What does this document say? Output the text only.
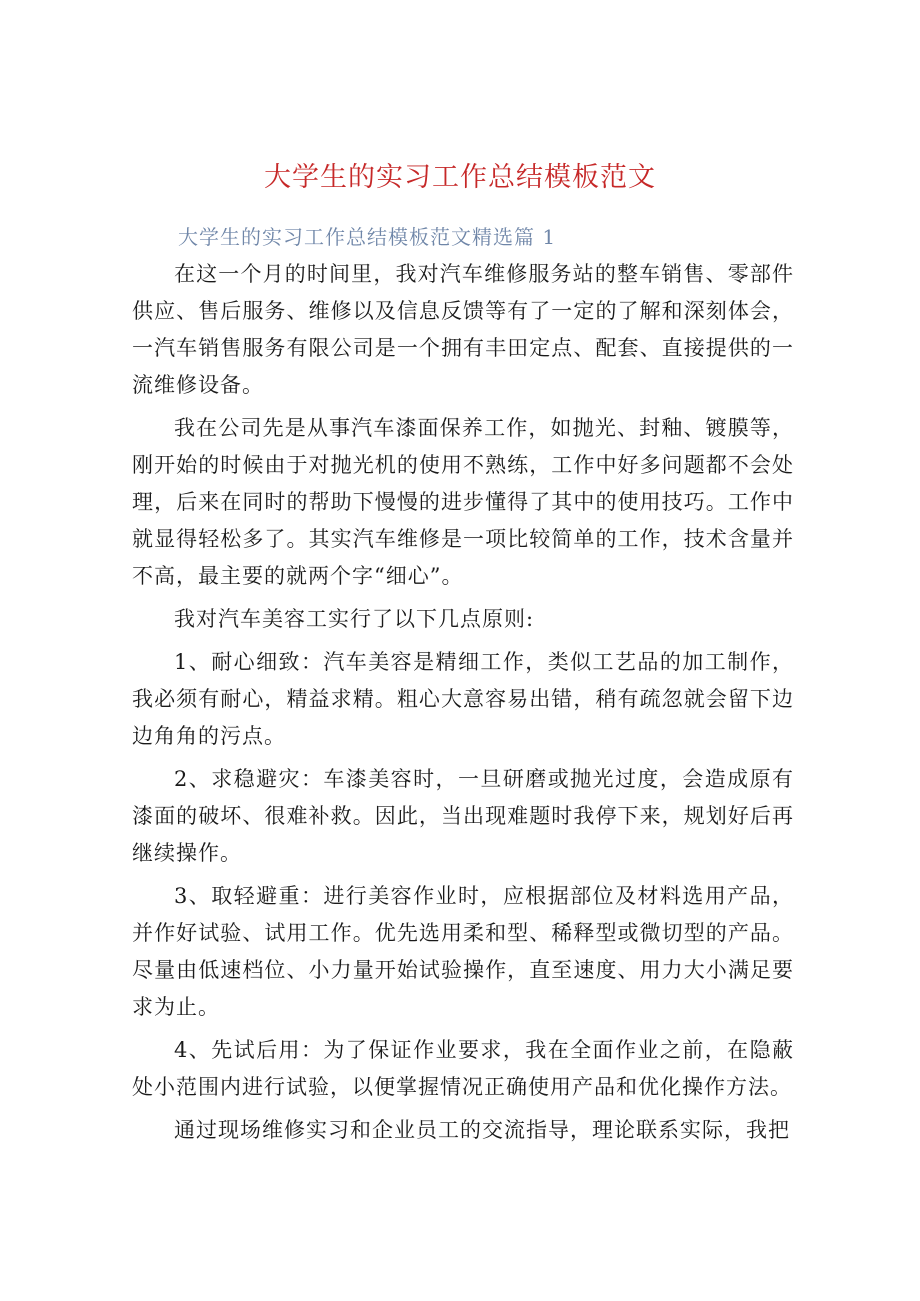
大学生的实习工作总结模板范文
大学生的实习工作总结模板范文精选篇 1

在这一个月的时间里，我对汽车维修服务站的整车销售、零部件供应、售后服务、维修以及信息反馈等有了一定的了解和深刻体会，一汽车销售服务有限公司是一个拥有丰田定点、配套、直接提供的一流维修设备。

我在公司先是从事汽车漆面保养工作，如抛光、封釉、镀膜等，刚开始的时候由于对抛光机的使用不熟练，工作中好多问题都不会处理，后来在同时的帮助下慢慢的进步懂得了其中的使用技巧。工作中就显得轻松多了。其实汽车维修是一项比较简单的工作，技术含量并不高，最主要的就两个字“细心”。

我对汽车美容工实行了以下几点原则:

1、耐心细致：汽车美容是精细工作，类似工艺品的加工制作，我必须有耐心，精益求精。粗心大意容易出错，稍有疏忽就会留下边边角角的污点。

2、求稳避灾：车漆美容时，一旦研磨或抛光过度，会造成原有漆面的破坏、很难补救。因此，当出现难题时我停下来，规划好后再继续操作。

3、取轻避重：进行美容作业时，应根据部位及材料选用产品，并作好试验、试用工作。优先选用柔和型、稀释型或微切型的产品。尽量由低速档位、小力量开始试验操作，直至速度、用力大小满足要求为止。

4、先试后用：为了保证作业要求，我在全面作业之前，在隐蔽处小范围内进行试验，以便掌握情况正确使用产品和优化操作方法。

通过现场维修实习和企业员工的交流指导，理论联系实际，我把
